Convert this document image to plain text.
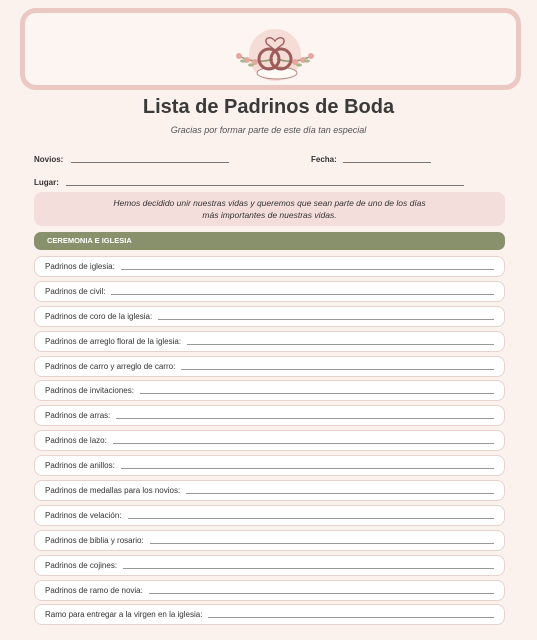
Lista de Padrinos de Boda
Gracias por formar parte de este día tan especial
Novios:	Fecha:
Lugar:
Hemos decidido unir nuestras vidas y queremos que sean parte de uno de los días
más importantes de nuestras vidas.
CEREMONIA E IGLESIA
Padrinos de iglesia:
Padrinos de civil:
Padrinos de coro de la iglesia:
Padrinos de arreglo floral de la iglesia:
Padrinos de carro y arreglo de carro:
Padrinos de invitaciones:
Padrinos de arras:
Padrinos de lazo:
Padrinos de anillos:
Padrinos de medallas para los novios:
Padrinos de velación:
Padrinos de biblia y rosario:
Padrinos de cojines:
Padrinos de ramo de novia:
Ramo para entregar a la virgen en la iglesia:
